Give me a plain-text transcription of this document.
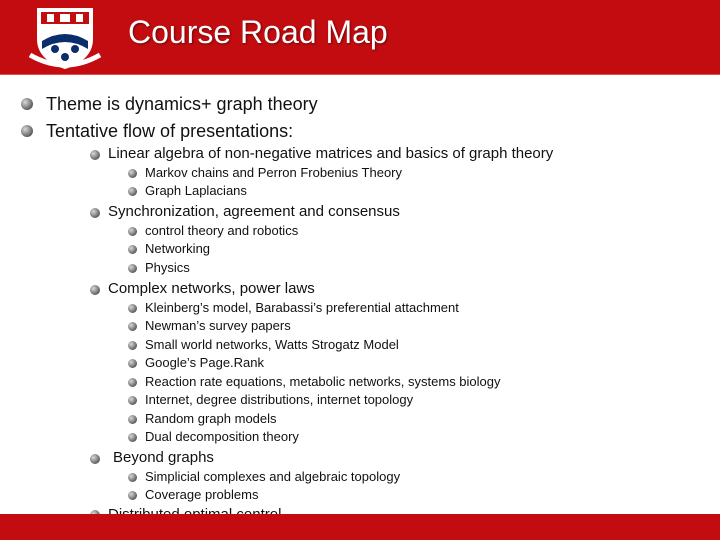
Course Road Map
Theme is dynamics+ graph theory
Tentative flow of presentations:
Linear algebra of non-negative matrices and basics of graph theory
Markov chains and Perron Frobenius Theory
Graph Laplacians
Synchronization, agreement and consensus
control theory and robotics
Networking
Physics
Complex networks, power laws
Kleinberg’s model, Barabassi’s preferential attachment
Newman’s survey papers
Small world networks, Watts Strogatz Model
Google’s Page.Rank
Reaction rate equations, metabolic networks, systems biology
Internet, degree distributions, internet topology
Random graph models
Dual decomposition theory
Beyond graphs
Simplicial complexes and algebraic topology
Coverage problems
